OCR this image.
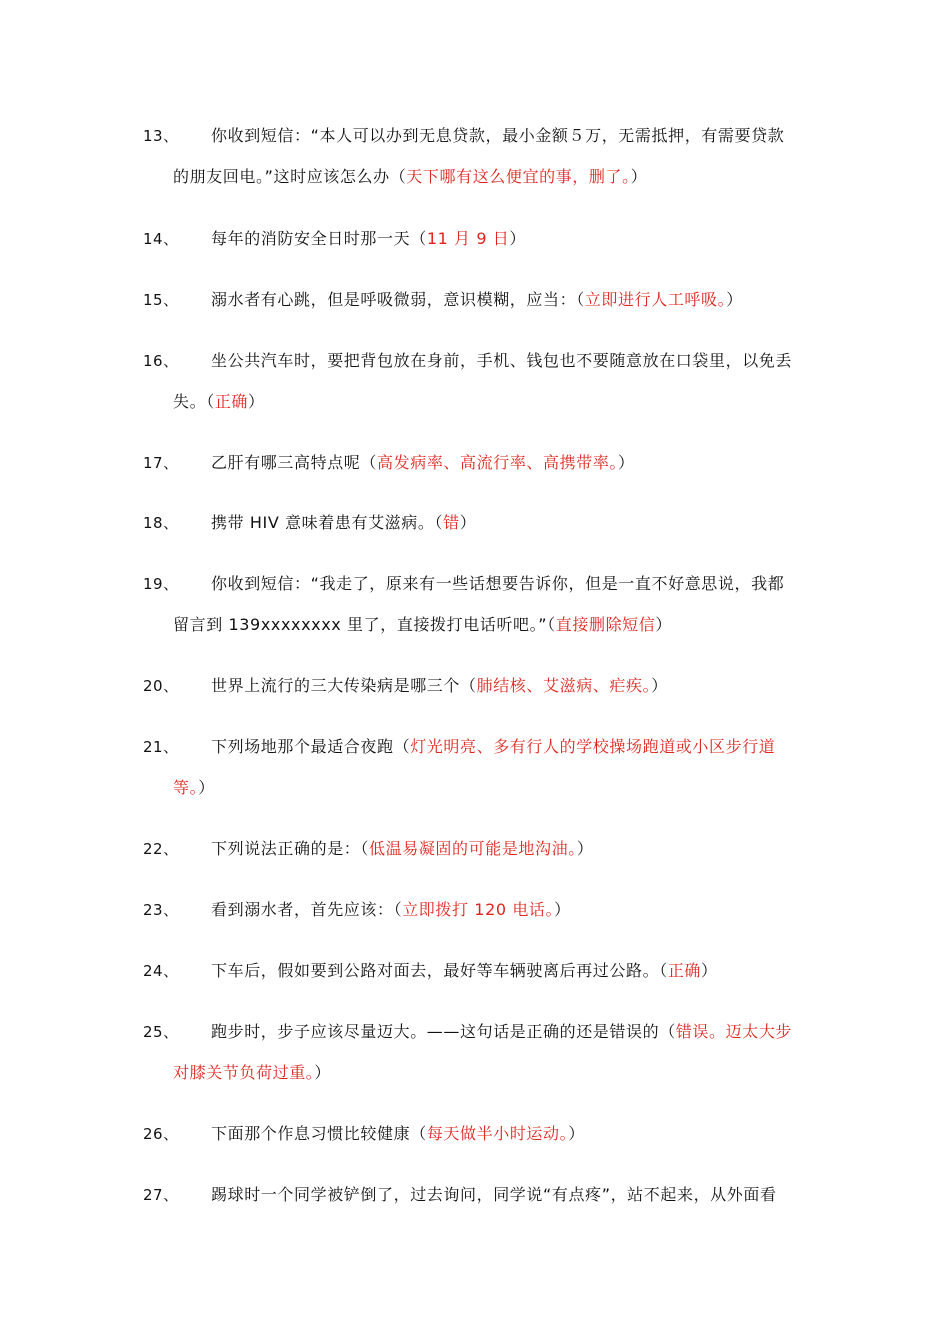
13、 你收到短信：“本人可以办到无息贷款，最小金额５万，无需抵押，有需要贷款
的朋友回电。”这时应该怎么办（天下哪有这么便宜的事，删了。）
14、 每年的消防安全日时那一天（11 月 9 日）
15、 溺水者有心跳，但是呼吸微弱，意识模糊，应当：（立即进行人工呼吸。）
16、 坐公共汽车时，要把背包放在身前，手机、钱包也不要随意放在口袋里，以免丢
失。（正确）
17、 乙肝有哪三高特点呢（高发病率、高流行率、高携带率。）
18、 携带 HIV 意味着患有艾滋病。（错）
19、 你收到短信：“我走了，原来有一些话想要告诉你，但是一直不好意思说，我都
留言到 139xxxxxxxx 里了，直接拨打电话听吧。”（直接删除短信）
20、 世界上流行的三大传染病是哪三个（肺结核、艾滋病、疟疾。）
21、 下列场地那个最适合夜跑（灯光明亮、多有行人的学校操场跑道或小区步行道
等。）
22、 下列说法正确的是：（低温易凝固的可能是地沟油。）
23、 看到溺水者，首先应该：（立即拨打 120 电话。）
24、 下车后，假如要到公路对面去，最好等车辆驶离后再过公路。（正确）
25、 跑步时，步子应该尽量迈大。——这句话是正确的还是错误的（错误。迈太大步
对膝关节负荷过重。）
26、 下面那个作息习惯比较健康（每天做半小时运动。）
27、 踢球时一个同学被铲倒了，过去询问，同学说“有点疼”，站不起来，从外面看
